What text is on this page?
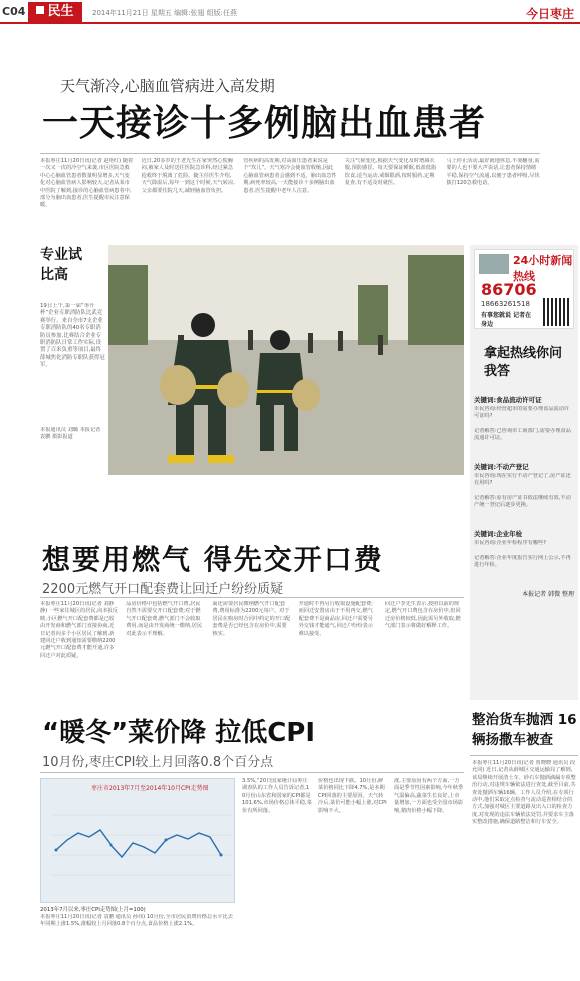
C04	民生	2014年11月21日 星期五 编辑:张翅 组版:任燕	今日枣庄
天气渐冷,心脑血管病进入高发期
一天接诊十多例脑出血患者
本报枣庄11月20日讯(记者 赵艳红) 随着一次又一次的冷空气来袭,市区医院急救中心心脑血管患者数量明显增多,天气变化对心脑血管病人影响较大,记者从某市中医院了解到,接诊的心脑血管病患者中,部分为脑出血患者,医生提醒市民注意保暖。
近日,20多岁的王老先生在家突然心慌胸闷,被家人及时送往医院急诊科,经过紧急抢救终于脱离了危险。随主任医生介绍,天气降温后,每年一到这个时候,天气转凉,父亲都要住院几天,减轻脑血管负担。
管疾病的高发期,对高血压患者来说是个“坎儿”。天气寒冷会使血管收缩,因此心脑血管病患者会感到不适。脑出血急性期,病死率较高,一天能接诊十多例脑出血患者,医生提醒中老年人注意。
关注气候变化,根据天气变化及时增减衣服,预防感冒。每天要保证睡眠,低盐低脂饮食,适当运动,戒烟限酒,按时服药,定期复查,有不适及时就医。
马上停止活动,最好就地休息,不要翻身,需要的人也不要大声说话,让患者保持情绪平稳,保持空气流通,以便于患者呼吸,尽快拨打120急救电话。
专业试比高
19日上午,第一届“枣升杯”企业专职消防队比武竞赛举行。来自全市7支企业专职消防队的40名专职消防员参加,比赛结合企业专职消防队日常工作实际,设置了百米负重等项目,最终薛城焦化消防专职队获得冠军。
本报通讯员 刘璐 本报记者 袁鹏 摄影报道
24小时新闻热线
86706
18663261518
有事您就说 记者在身边
拿起热线你问我答
关键词:食品流动许可证
市民咨询:经营超市的需要办理食品流动许可证吗?
记者解答:已咨询市工商部门,需要办理食品流通许可证。
关键词:不动产登记
市民咨询:现在实行不动产登记了,房产证还有用吗?
记者解答:原有房产证书依法继续有效,不动产统一登记后逐步更换。
关键词:企业年检
市民咨询:企业年检程序有哪些?
记者解答:企业年度报告实行网上公示,不再进行年检。
本报记者 韩微 整理
想要用燃气 得先交开口费
2200元燃气开口配套费让回迁户纷纷质疑
本报枣庄11月20日讯(记者 刘静静) 一些家住城区的居民,向本报反映,小区燃气开口配套费都是已收由开发商和燃气部门直接协商,近日记者向多个小区居民了解到,新建回迁户收到通知需要缴纳2200元燃气开口配套费才能开通,许多回迁户对此质疑。
品房价格中包括燃气开口费,居民自然不需要交开口配套费;对于燃气开口配套费,燃气部门不会收取费用,而是由开发商统一缴纳,居民对此表示不理解。
面还需要居民缴纳燃气开口配套费,费用标准为2200元每户。对于居民在购房时合同中约定的开口配套费是否已经包含在房价中,需要核实。
开通时不再另行收取设施配套费;而回迁安置房由于不用再交,燃气配套费不是商品房,回迁户需要另外交钱才能通气,回迁户纷纷表示难以接受。
回迁户李先生表示,按照以前的规定,燃气开口费包含在房价中,但回迁房价格较低,因此需另外收取,燃气部门表示将做好解释工作。
“暖冬”菜价降 拉低CPI
10月份,枣庄CPI较上月回落0.8个百分点
枣庄市2013年7月至2014年10月CPI走势图
2013年7月以来,枣庄CPI走势图(上月=100)
本报枣庄11月20日讯(记者 袁鹏 通讯员 孙伟) 10月份,全市居民消费价格总水平比去年同期上涨1.5%,涨幅较上月回落0.8个百分点,食品价格上涨2.1%。
3.5%,“20日国家统计局枣庄调查队的工作人员告诉记者,10月份山东省和国家的CPI都是101.6%,市场价格总体平稳,菜价有所回落。
价格也出现下跌。10月份,鲜菜价格同比下降4.7%,是本期CPI回落的主要原因。天气转冷后,菜价可能小幅上涨,对CPI影响不大。
涨,主要原因有两个方面,一方面是季节性因素影响,今年秋季气温偏高,蔬菜生长良好,上市量增加,一方面也受全国市场影响,猪肉价格小幅下降。
整治货车抛洒 16辆扬撒车被查
本报枣庄11月20日讯(记者 贾晓晓 通讯员 段允同) 近日,记者从薛城区交通运输局了解到,该局继续开展渣土车、砂石车抛洒滴漏专项整治行动,对违规车辆依法进行查处,截至目前,共查处抛洒车辆16辆。工作人员介绍,在专项行动中,他们采取定点检查与流动巡查相结合的方式,加强对城区主要道路及出入口的检查力度,对发现的违法车辆依法处罚,并要求车主落实整改措施,确保道路整洁和行车安全。
